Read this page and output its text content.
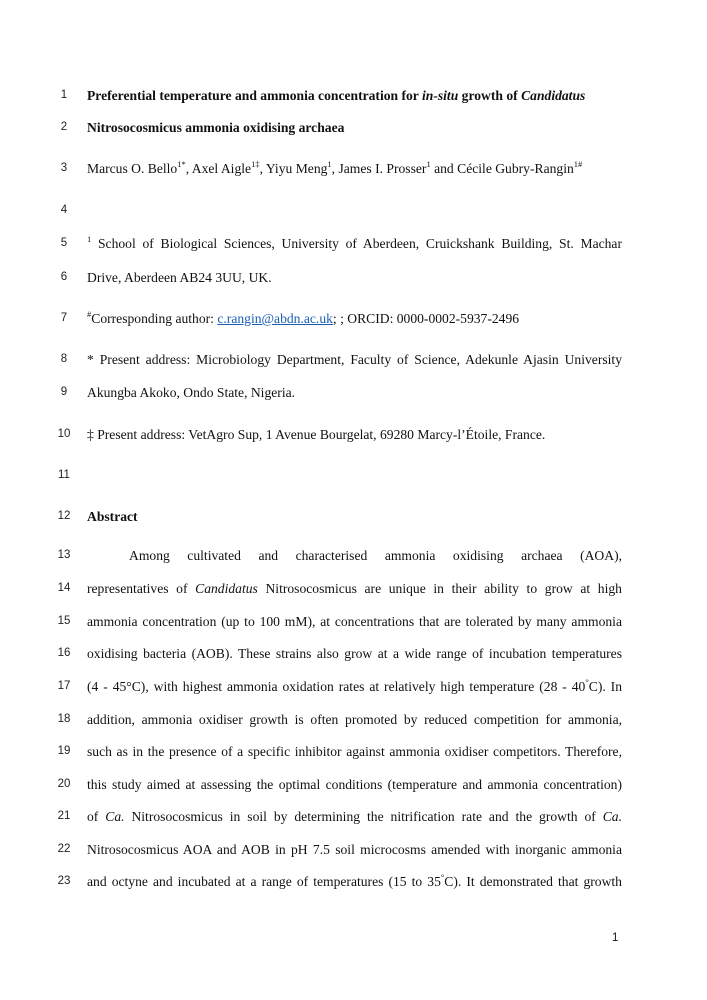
1
2
3
4
5
6
7
8
9
10
11
12
13
14
15
16
17
18
19
20
21
22
23
Preferential temperature and ammonia concentration for in-situ growth of Candidatus
Nitrosocosmicus ammonia oxidising archaea
Marcus O. Bello$^{1*}$, Axel Aigle$^{1\ddagger}$, Yiyu Meng$^1$, James I. Prosser$^1$ and Cécile Gubry-Rangin$^{1\#}$
$^1$ School of Biological Sciences, University of Aberdeen, Cruickshank Building, St. Machar
Drive, Aberdeen AB24 3UU, UK.
#Corresponding author: c.rangin@abdn.ac.uk; ; ORCID: 0000-0002-5937-2496
* Present address: Microbiology Department, Faculty of Science, Adekunle Ajasin University
Akungba Akoko, Ondo State, Nigeria.
‡ Present address: VetAgro Sup, 1 Avenue Bourgelat, 69280 Marcy-l’Étoile, France.
Abstract
Among cultivated and characterised ammonia oxidising archaea (AOA),
representatives of Candidatus Nitrosocosmicus are unique in their ability to grow at high
ammonia concentration (up to 100 mM), at concentrations that are tolerated by many ammonia
oxidising bacteria (AOB). These strains also grow at a wide range of incubation temperatures
(4 - 45°C), with highest ammonia oxidation rates at relatively high temperature (28 - 40°C). In
addition, ammonia oxidiser growth is often promoted by reduced competition for ammonia,
such as in the presence of a specific inhibitor against ammonia oxidiser competitors. Therefore,
this study aimed at assessing the optimal conditions (temperature and ammonia concentration)
of Ca. Nitrosocosmicus in soil by determining the nitrification rate and the growth of Ca.
Nitrosocosmicus AOA and AOB in pH 7.5 soil microcosms amended with inorganic ammonia
and octyne and incubated at a range of temperatures (15 to 35°C). It demonstrated that growth
1
